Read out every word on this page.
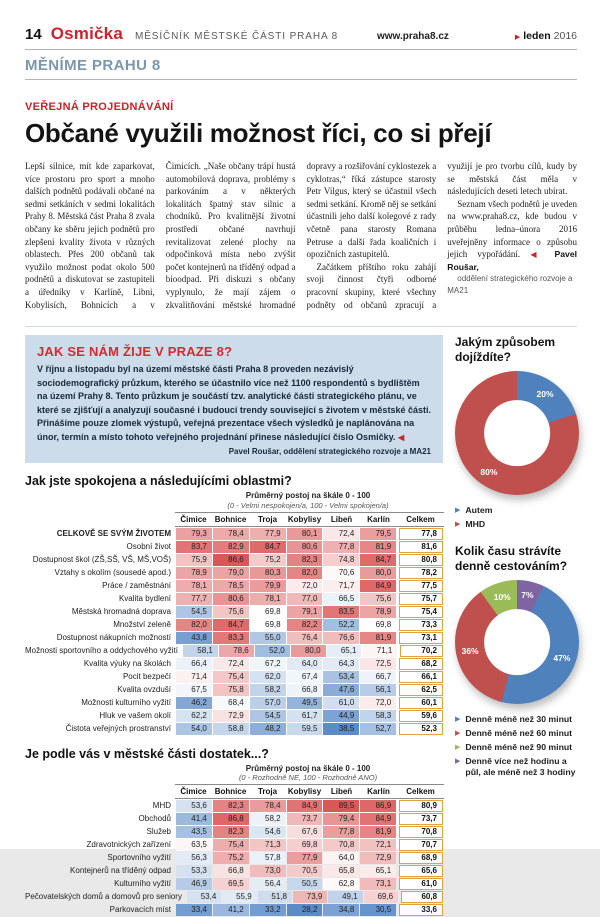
14 Osmička MĚSÍČNÍK MĚSTSKÉ ČÁSTI PRAHA 8	www.praha8.cz	▶ leden 2016
MĚNÍME PRAHU 8
VEŘEJNÁ PROJEDNÁVÁNÍ
Občané využili možnost říci, co si přejí

Lepší silnice, mít kde zaparkovat, více prostoru pro sport a mnoho dalších podnětů podávali občané na sedmi setkáních v sedmi lokalitách Prahy 8. Městská část Praha 8 zvala občany ke sběru jejich podnětů pro zlepšení kvality života v různých oblastech. Přes 200 občanů tak využilo možnost podat okolo 500 podnětů a diskutovat se zastupiteli a úředníky v Karlíně, Libni, Kobylisích, Bohnicích a v Čimicích. „Naše občany trápí hustá automobilová doprava, problémy s parkováním a v některých lokalitách špatný stav silnic a chodníků. Pro kvalitnější životní prostředí občané navrhují revitalizovat zelené plochy na odpočinková místa nebo zvýšit počet kontejnerů na tříděný odpad a bioodpad. Při diskuzi s občany vyplynulo, že mají zájem o zkvalitňování městské hromadné dopravy a rozšiřování cyklostezek a cyklotras,“ říká zástupce starosty Petr Vilgus, který se účastnil všech sedmi setkání. Kromě něj se setkání účastnili jeho další kolegové z rady včetně pana starosty Romana Petruse a další řada koaličních i opozičních zastupitelů.

Začátkem příštího roku zahájí svoji činnost čtyři odborné pracovní skupiny, které všechny podněty od občanů zpracují a využijí je pro tvorbu cílů, kudy by se městská část měla v následujících deseti letech ubírat.

Seznam všech podnětů je uveden na www.praha8.cz, kde budou v průběhu ledna–února 2016 uveřejněny informace o způsobu jejich vypořádání. ◀ Pavel Roušar,
oddělení strategického rozvoje a MA21

JAK SE NÁM ŽIJE V PRAZE 8?
V říjnu a listopadu byl na území městské části Praha 8 proveden nezávislý sociodemografický průzkum, kterého se účastnilo více než 1100 respondentů s bydlištěm na území Prahy 8. Tento průzkum je součástí tzv. analytické části strategického plánu, ve které se zjišťují a analyzují současné i budoucí trendy související s životem v městské části. Přinášíme pouze zlomek výstupů, veřejná prezentace všech výsledků je naplánována na únor, termín a místo tohoto veřejného projednání přinese následující číslo Osmičky. ◀
Pavel Roušar, oddělení strategického rozvoje a MA21
Jak jste spokojena a následujícími oblastmi?
Průměrný postoj na škále 0 - 100
(0 - Velmi nespokojen/a, 100 - Velmi spokojen/a)
Čimice	Bohnice	Troja	Kobylisy	Libeň	Karlín	Celkem
CELKOVĚ SE SVÝM ŽIVOTEM	79,3	78,4	77,9	80,1	72,4	79,5	77,8
Osobní život	83,7	82,9	84,7	80,6	77,8	81,9	81,6
Dostupnost škol (ZŠ,SŠ, VŠ, MŠ,VOŠ)	75,9	86,6	75,2	82,3	74,8	84,7	80,8
Vztahy s okolím (sousedé apod.)	78,9	79,0	80,3	82,0	70,6	80,0	78,2
Práce / zaměstnání	78,1	78,5	79,9	72,0	71,7	84,9	77,5
Kvalita bydlení	77,7	80,6	78,1	77,0	66,5	75,6	75,7
Městská hromadná doprava	54,5	75,6	69,8	79,1	83,5	78,9	75,4
Množství zeleně	82,0	84,7	69,8	82,2	52,2	69,8	73,3
Dostupnost nákupních možností	43,8	83,3	55,0	76,4	76,6	81,9	73,1
Možnosti sportovního a oddychového vyžití	58,1	78,6	52,0	80,0	65,1	71,1	70,2
Kvalita výuky na školách	66,4	72,4	67,2	64,0	64,3	72,5	68,2
Pocit bezpečí	71,4	75,4	62,0	67,4	53,4	66,7	66,1
Kvalita ovzduší	67,5	75,8	58,2	66,8	47,6	56,1	62,5
Možnosti kulturního vyžití	46,2	68,4	57,0	49,5	61,0	72,0	60,1
Hluk ve vašem okolí	62,2	72,9	54,5	61,7	44,9	58,3	59,6
Čistota veřejných prostranství	54,0	58,8	48,2	59,5	38,5	52,7	52,3
Je podle vás v městské části dostatek...?
Průměrný postoj na škále 0 - 100
(0 - Rozhodně NE, 100 - Rozhodně ANO)
Čimice	Bohnice	Troja	Kobylisy	Libeň	Karlín	Celkem
MHD	53,6	82,3	78,4	84,9	89,5	86,9	80,9
Obchodů	41,4	86,8	58,2	73,7	79,4	84,9	73,7
Služeb	43,5	82,3	54,6	67,6	77,8	81,9	70,8
Zdravotnických zařízení	63,5	75,4	71,3	69,8	70,8	72,1	70,7
Sportovního vyžití	56,3	75,2	57,8	77,9	64,0	72,9	68,9
Kontejnerů na tříděný odpad	53,3	66,8	73,0	70,5	65,8	65,1	65,6
Kulturního vyžití	46,9	69,5	56,4	50,5	62,8	73,1	61,0
Pečovatelských domů a domovů pro seniory	53,4	55,9	51,8	73,9	49,1	69,6	60,8
Parkovacích míst	33,4	41,2	33,2	28,2	34,8	30,5	33,6
Jakým způsobem dojíždíte?
20%
80%
▶ Autem
▶ MHD
Kolik času strávíte denně cestováním?
7%
47%
36%
10%
▶ Denně méně než 30 minut
▶ Denně méně než 60 minut
▶ Denně méně než 90 minut
▶ Denně více než hodinu a půl, ale méně než 3 hodiny
